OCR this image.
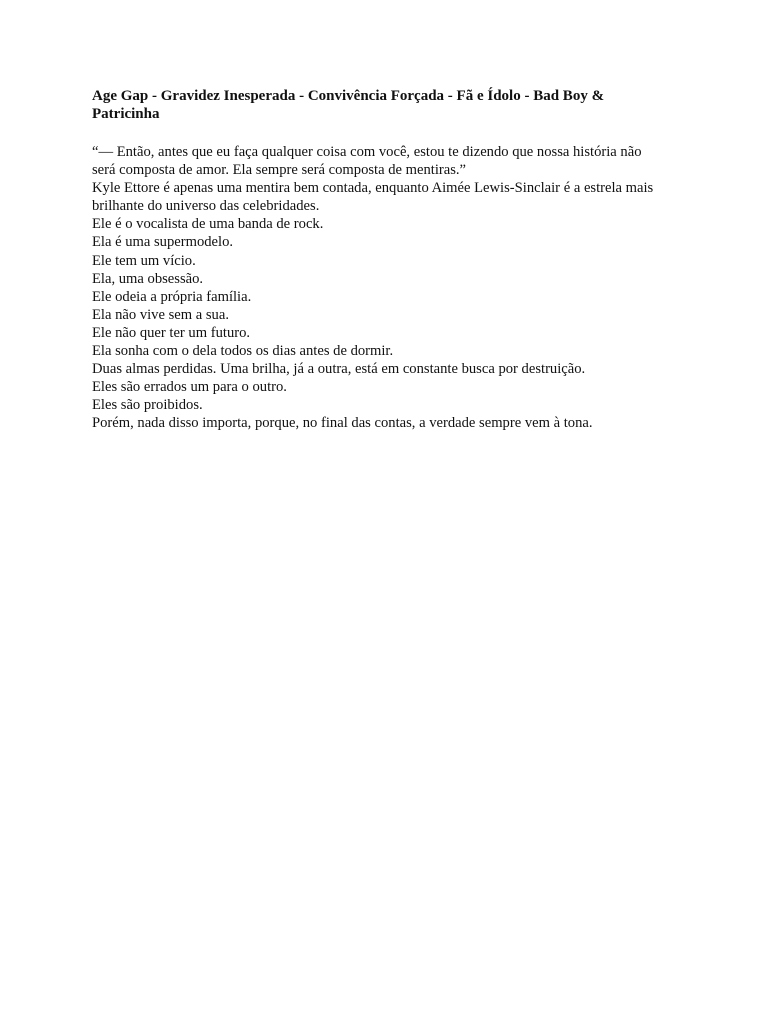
Age Gap - Gravidez Inesperada - Convivência Forçada - Fã e Ídolo - Bad Boy & Patricinha
“— Então, antes que eu faça qualquer coisa com você, estou te dizendo que nossa história não será composta de amor. Ela sempre será composta de mentiras.”
Kyle Ettore é apenas uma mentira bem contada, enquanto Aimée Lewis-Sinclair é a estrela mais brilhante do universo das celebridades.
Ele é o vocalista de uma banda de rock.
Ela é uma supermodelo.
Ele tem um vício.
Ela, uma obsessão.
Ele odeia a própria família.
Ela não vive sem a sua.
Ele não quer ter um futuro.
Ela sonha com o dela todos os dias antes de dormir.
Duas almas perdidas. Uma brilha, já a outra, está em constante busca por destruição.
Eles são errados um para o outro.
Eles são proibidos.
Porém, nada disso importa, porque, no final das contas, a verdade sempre vem à tona.
